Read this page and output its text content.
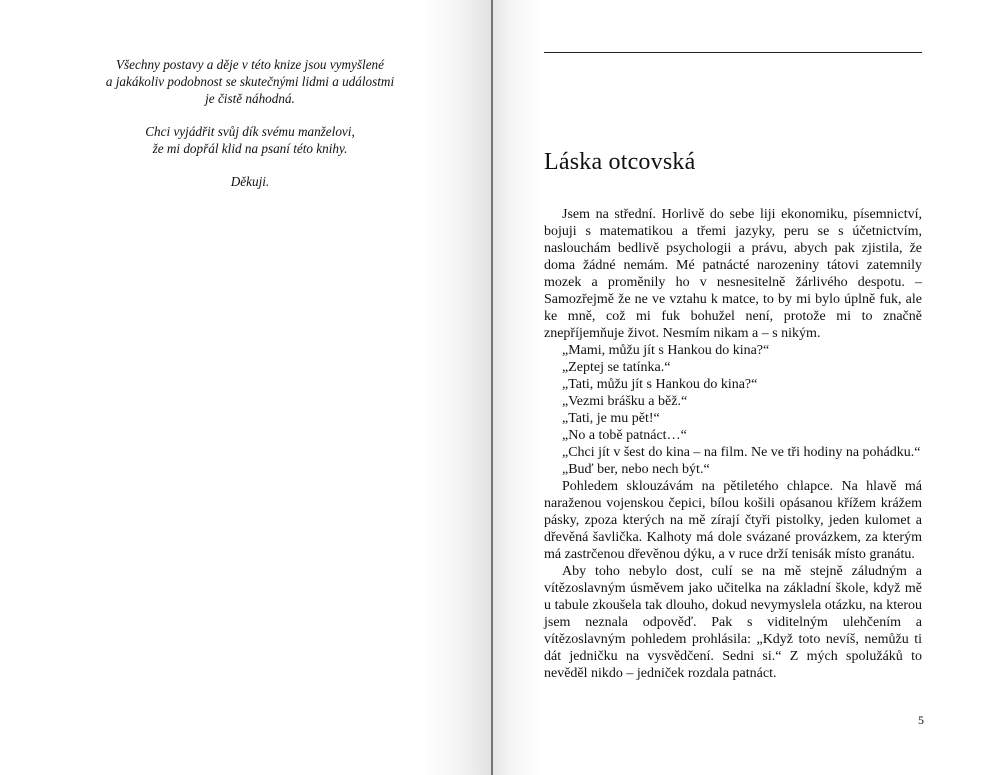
Všechny postavy a děje v této knize jsou vymyšlené
a jakákoliv podobnost se skutečnými lidmi a událostmi
je čistě náhodná.

Chci vyjádřit svůj dík svému manželovi,
že mi dopřál klid na psaní této knihy.

Děkuji.

Láska otcovská

Jsem na střední. Horlivě do sebe liji ekonomiku, písemnictví, bojuji s matematikou a třemi jazyky, peru se s účetnictvím, naslouchám bedlivě psychologii a právu, abych pak zjistila, že doma žádné nemám. Mé patnácté narozeniny tátovi zatemnily mozek a proměnily ho v nesnesitelně žárlivého despotu. – Samozřejmě že ne ve vztahu k matce, to by mi bylo úplně fuk, ale ke mně, což mi fuk bohužel není, protože mi to značně znepříjemňuje život. Nesmím nikam a – s nikým.

„Mami, můžu jít s Hankou do kina?“

„Zeptej se tatínka.“

„Tati, můžu jít s Hankou do kina?“

„Vezmi brášku a běž.“

„Tati, je mu pět!“

„No a tobě patnáct…“

„Chci jít v šest do kina – na film. Ne ve tři hodiny na pohádku.“

„Buď ber, nebo nech být.“

Pohledem sklouzávám na pětiletého chlapce. Na hlavě má naraženou vojenskou čepici, bílou košili opásanou křížem krážem pásky, zpoza kterých na mě zírají čtyři pistolky, jeden kulomet a dřevěná šavlička. Kalhoty má dole svázané provázkem, za kterým má zastrčenou dřevěnou dýku, a v ruce drží tenisák místo granátu.

Aby toho nebylo dost, culí se na mě stejně záludným a vítězoslavným úsměvem jako učitelka na základní škole, když mě u tabule zkoušela tak dlouho, dokud nevymyslela otázku, na kterou jsem neznala odpověď. Pak s viditelným ulehčením a vítězoslavným pohledem prohlásila: „Když toto nevíš, nemůžu ti dát jedničku na vysvědčení. Sedni si.“ Z mých spolužáků to nevěděl nikdo – jedniček rozdala patnáct.

5
